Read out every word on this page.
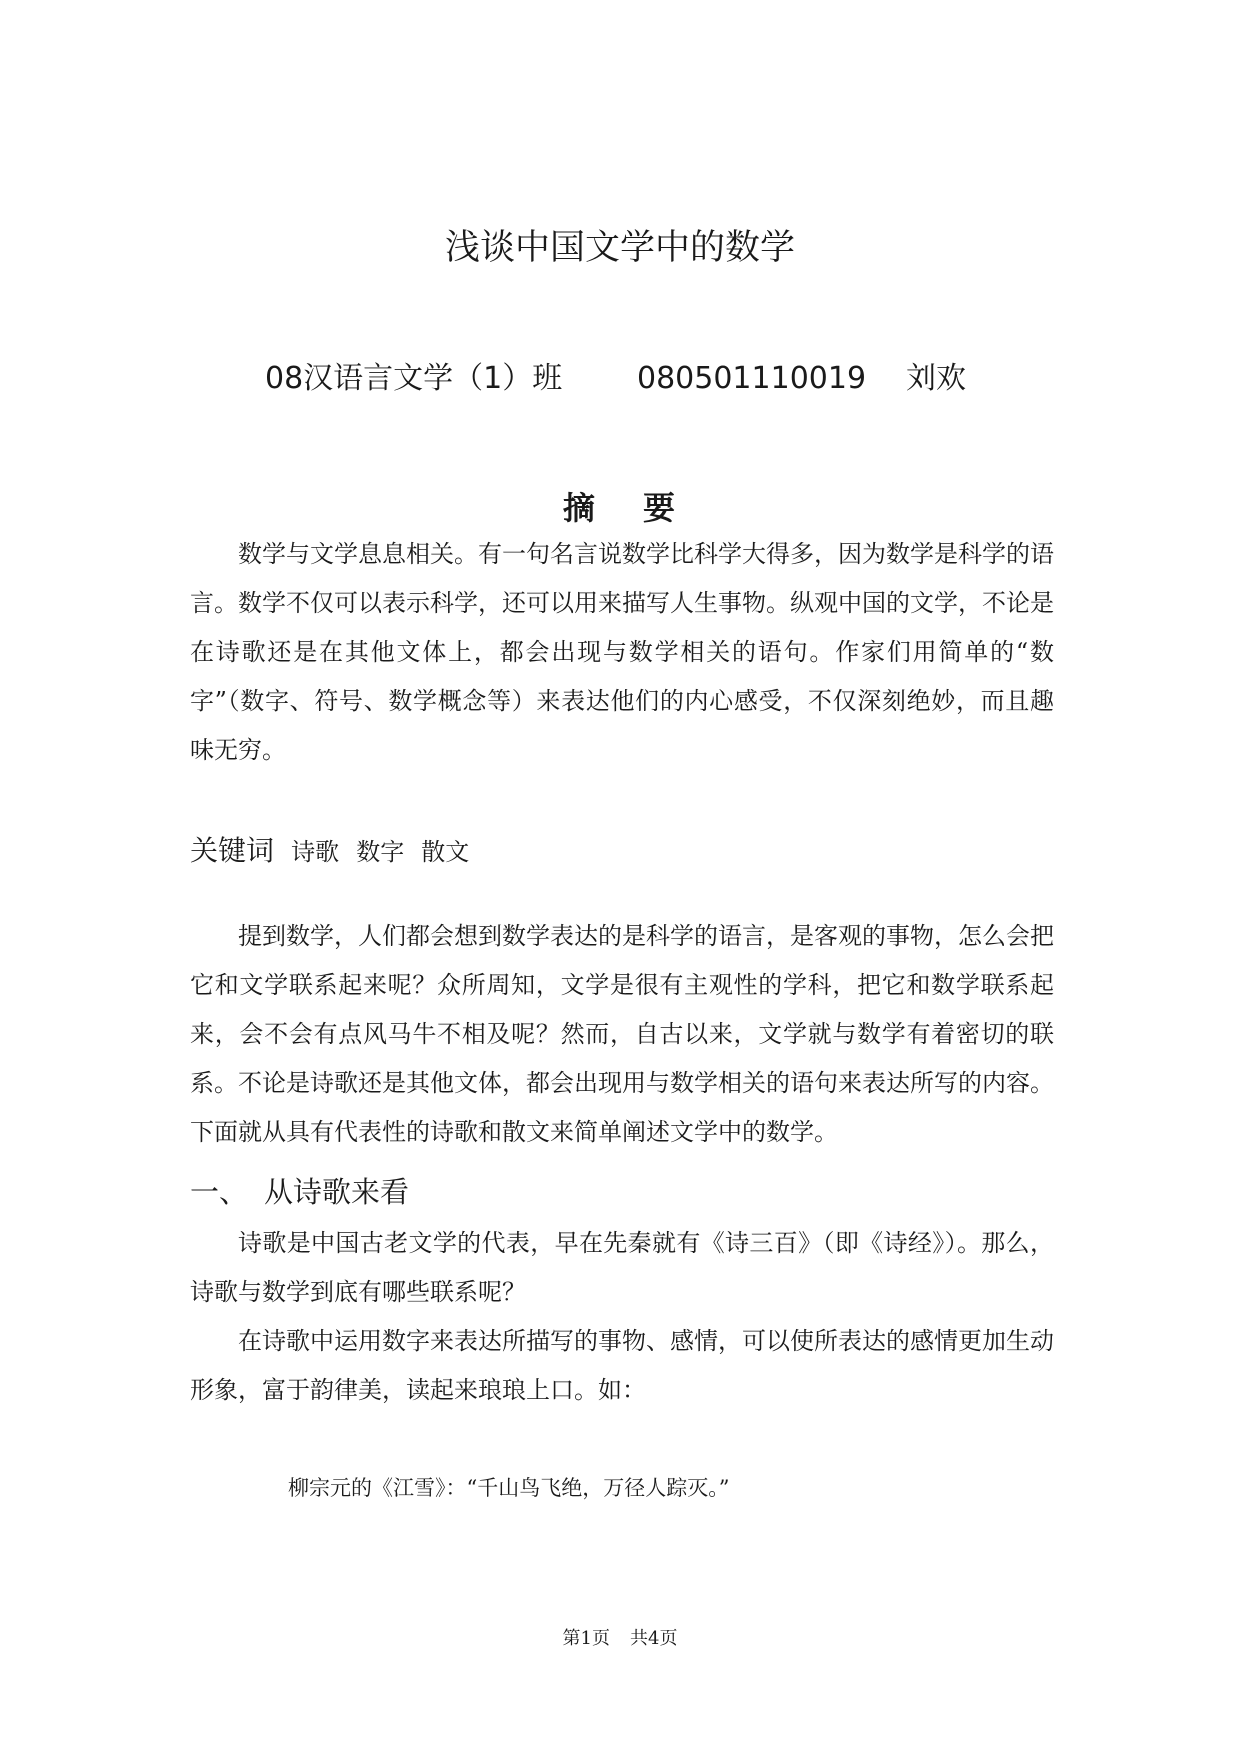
浅谈中国文学中的数学
08汉语言文学（1）班 080501110019 刘欢
摘 要

数学与文学息息相关。有一句名言说数学比科学大得多，因为数学是科学的语言。数学不仅可以表示科学，还可以用来描写人生事物。纵观中国的文学，不论是在诗歌还是在其他文体上，都会出现与数学相关的语句。作家们用简单的“数字”（数字、符号、数学概念等）来表达他们的内心感受，不仅深刻绝妙，而且趣味无穷。

关键词 诗歌 数字 散文

提到数学，人们都会想到数学表达的是科学的语言，是客观的事物，怎么会把它和文学联系起来呢？众所周知，文学是很有主观性的学科，把它和数学联系起来，会不会有点风马牛不相及呢？然而，自古以来，文学就与数学有着密切的联系。不论是诗歌还是其他文体，都会出现用与数学相关的语句来表达所写的内容。下面就从具有代表性的诗歌和散文来简单阐述文学中的数学。

一、 从诗歌来看

诗歌是中国古老文学的代表，早在先秦就有《诗三百》（即《诗经》）。那么，诗歌与数学到底有哪些联系呢？

在诗歌中运用数字来表达所描写的事物、感情，可以使所表达的感情更加生动形象，富于韵律美，读起来琅琅上口。如：

柳宗元的《江雪》：“千山鸟飞绝，万径人踪灭。”
第1页 共4页
